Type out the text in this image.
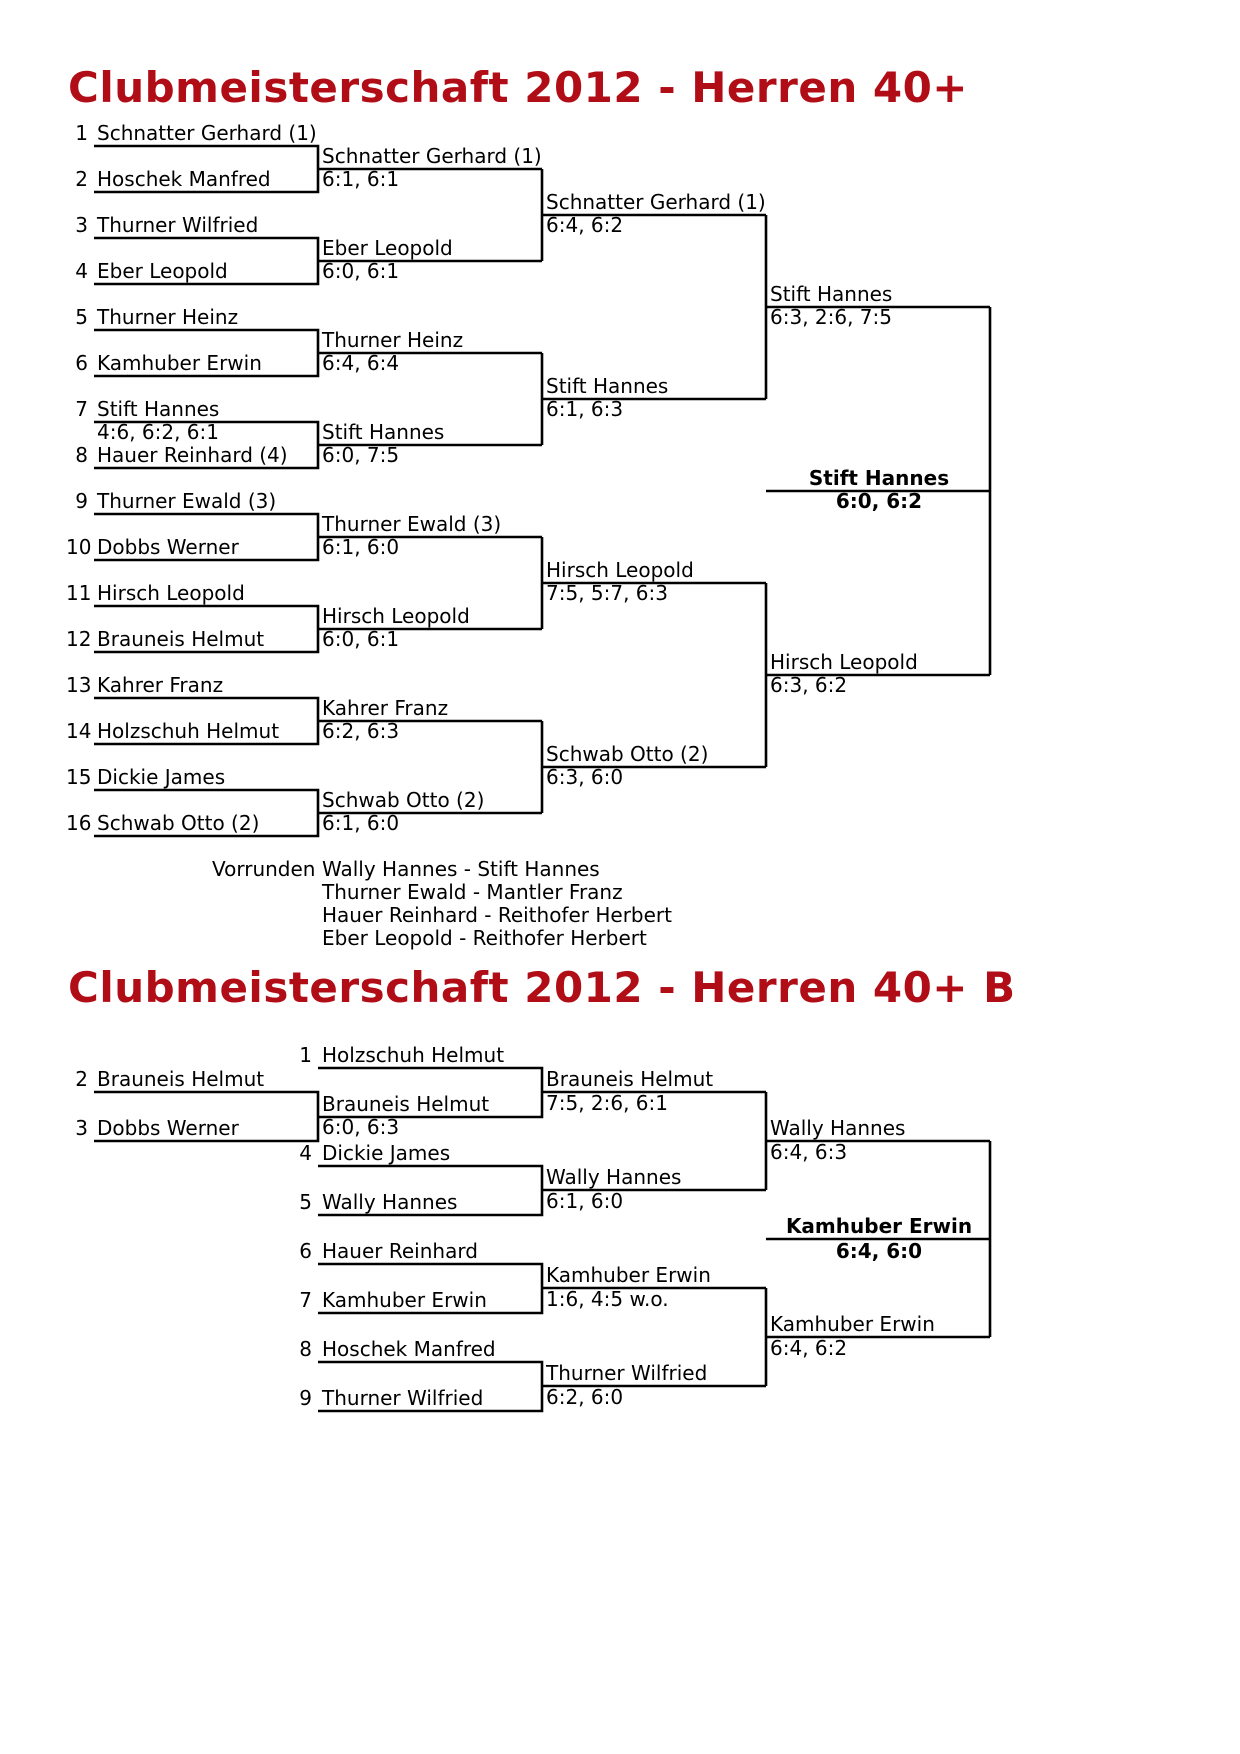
Clubmeisterschaft 2012 - Herren 40+
Clubmeisterschaft 2012 - Herren 40+ B
1 Schnatter Gerhard (1)
2 Hoschek Manfred
3 Thurner Wilfried
4 Eber Leopold
5 Thurner Heinz
6 Kamhuber Erwin
7 Stift Hannes
4:6, 6:2, 6:1
8 Hauer Reinhard (4)
9 Thurner Ewald (3)
10 Dobbs Werner
11 Hirsch Leopold
12 Brauneis Helmut
13 Kahrer Franz
14 Holzschuh Helmut
15 Dickie James
16 Schwab Otto (2)
Schnatter Gerhard (1)
6:1, 6:1
Eber Leopold
6:0, 6:1
Thurner Heinz
6:4, 6:4
Stift Hannes
6:0, 7:5
Thurner Ewald (3)
6:1, 6:0
Hirsch Leopold
6:0, 6:1
Kahrer Franz
6:2, 6:3
Schwab Otto (2)
6:1, 6:0
Schnatter Gerhard (1)
6:4, 6:2
Stift Hannes
6:1, 6:3
Hirsch Leopold
7:5, 5:7, 6:3
Schwab Otto (2)
6:3, 6:0
Stift Hannes
6:3, 2:6, 7:5
Hirsch Leopold
6:3, 6:2
Stift Hannes
6:0, 6:2
Vorrunden Wally Hannes - Stift Hannes
Thurner Ewald - Mantler Franz
Hauer Reinhard - Reithofer Herbert
Eber Leopold - Reithofer Herbert
2 Brauneis Helmut
3 Dobbs Werner
1 Holzschuh Helmut
Brauneis Helmut
6:0, 6:3
4 Dickie James
5 Wally Hannes
6 Hauer Reinhard
7 Kamhuber Erwin
8 Hoschek Manfred
9 Thurner Wilfried
Brauneis Helmut
7:5, 2:6, 6:1
Wally Hannes
6:1, 6:0
Kamhuber Erwin
1:6, 4:5 w.o.
Thurner Wilfried
6:2, 6:0
Wally Hannes
6:4, 6:3
Kamhuber Erwin
6:4, 6:2
Kamhuber Erwin
6:4, 6:0
